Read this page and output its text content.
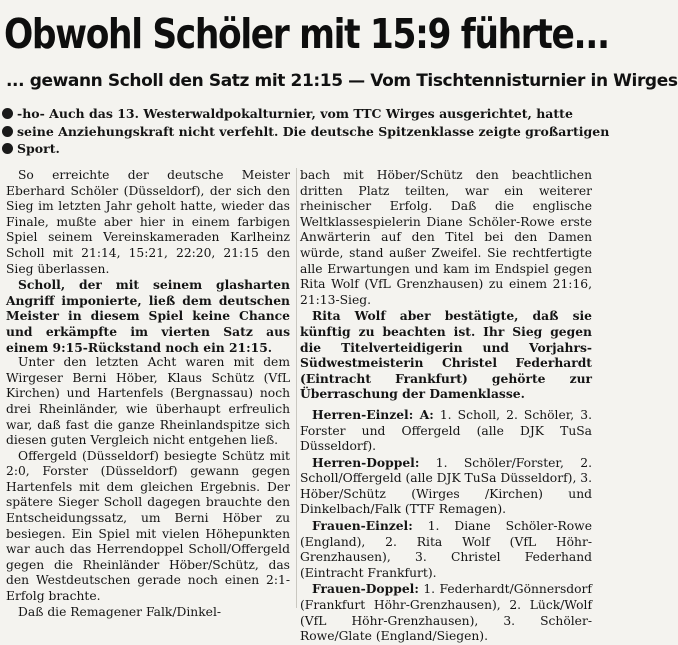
Obwohl Schöler mit 15:9 führte...
... gewann Scholl den Satz mit 21:15 — Vom Tischtennisturnier in Wirges
-ho- Auch das 13. Westerwaldpokalturnier, vom TTC Wirges ausgerichtet, hatte
seine Anziehungskraft nicht verfehlt. Die deutsche Spitzenklasse zeigte großartigen
Sport.

So erreichte der deutsche Meister Eberhard Schöler (Düsseldorf), der sich den Sieg im letzten Jahr geholt hatte, wieder das Finale, mußte aber hier in einem farbigen Spiel seinem Vereinskameraden Karlheinz Scholl mit 21:14, 15:21, 22:20, 21:15 den Sieg überlassen.

Scholl, der mit seinem glasharten Angriff imponierte, ließ dem deutschen Meister in diesem Spiel keine Chance und erkämpfte im vierten Satz aus einem 9:15-Rückstand noch ein 21:15.

Unter den letzten Acht waren mit dem Wirgeser Berni Höber, Klaus Schütz (VfL Kirchen) und Hartenfels (Bergnassau) noch drei Rheinländer, wie überhaupt erfreulich war, daß fast die ganze Rheinlandspitze sich diesen guten Vergleich nicht entgehen ließ.

Offergeld (Düsseldorf) besiegte Schütz mit 2:0, Forster (Düsseldorf) gewann gegen Hartenfels mit dem gleichen Ergebnis. Der spätere Sieger Scholl dagegen brauchte den Entscheidungssatz, um Berni Höber zu besiegen. Ein Spiel mit vielen Höhepunkten war auch das Herrendoppel Scholl/Offergeld gegen die Rheinländer Höber/Schütz, das den Westdeutschen gerade noch einen 2:1-Erfolg brachte.

Daß die Remagener Falk/Dinkel-

bach mit Höber/Schütz den beachtlichen dritten Platz teilten, war ein weiterer rheinischer Erfolg. Daß die englische Weltklassespielerin Diane Schöler-Rowe erste Anwärterin auf den Titel bei den Damen würde, stand außer Zweifel. Sie rechtfertigte alle Erwartungen und kam im Endspiel gegen Rita Wolf (VfL Grenzhausen) zu einem 21:16, 21:13-Sieg.

Rita Wolf aber bestätigte, daß sie künftig zu beachten ist. Ihr Sieg gegen die Titelverteidigerin und Vorjahrs-Südwestmeisterin Christel Federhardt (Eintracht Frankfurt) gehörte zur Überraschung der Damenklasse.

Herren-Einzel: A: 1. Scholl, 2. Schöler, 3. Forster und Offergeld (alle DJK TuSa Düsseldorf).

Herren-Doppel: 1. Schöler/Forster, 2. Scholl/Offergeld (alle DJK TuSa Düsseldorf), 3. Höber/Schütz (Wirges /Kirchen) und Dinkelbach/Falk (TTF Remagen).

Frauen-Einzel: 1. Diane Schöler-Rowe (England), 2. Rita Wolf (VfL Höhr-Grenzhausen), 3. Christel Federhand (Eintracht Frankfurt).

Frauen-Doppel: 1. Federhardt/Gönnersdorf (Frankfurt Höhr-Grenzhausen), 2. Lück/Wolf (VfL Höhr-Grenzhausen), 3. Schöler-Rowe/Glate (England/Siegen).
